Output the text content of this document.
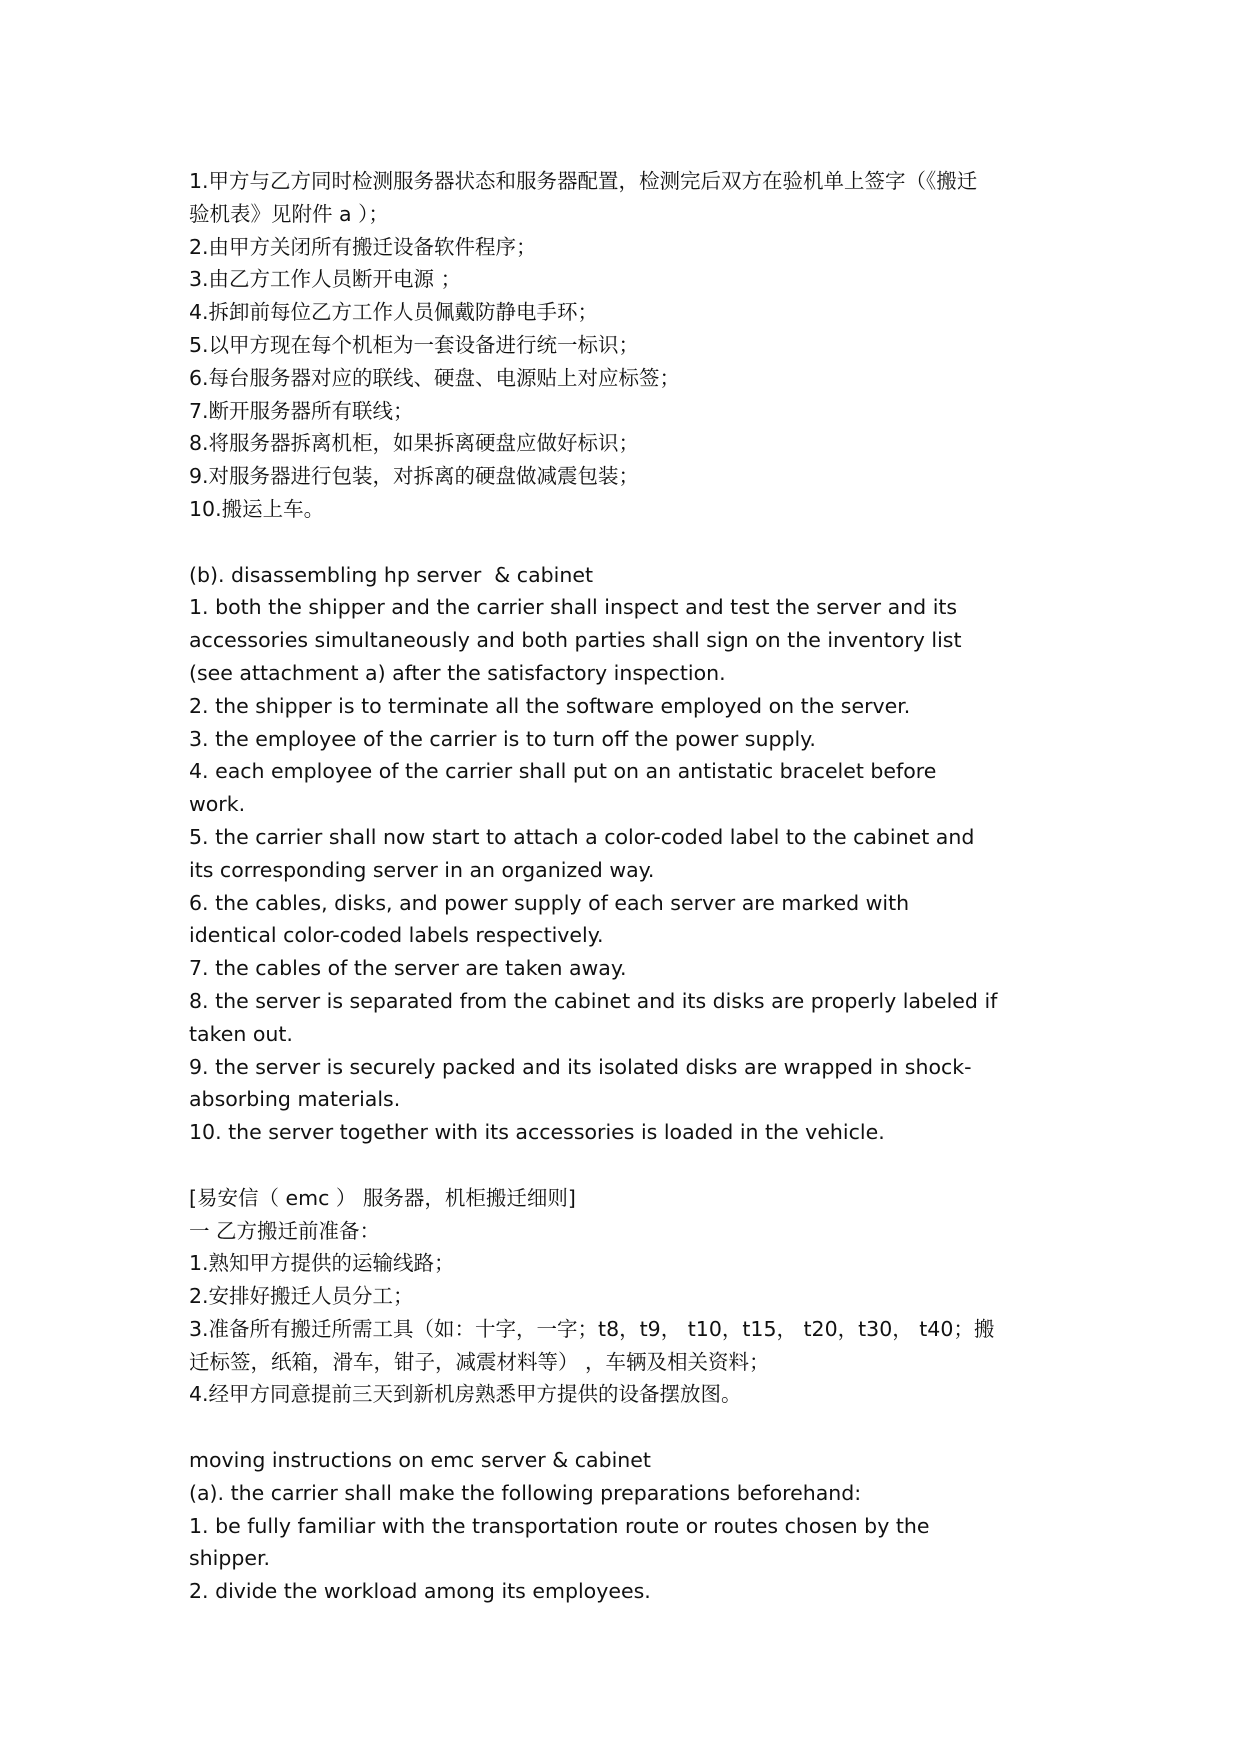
1.甲方与乙方同时检测服务器状态和服务器配置，检测完后双方在验机单上签字（《搬迁
验机表》见附件 a ）；
2.由甲方关闭所有搬迁设备软件程序；
3.由乙方工作人员断开电源 ；
4.拆卸前每位乙方工作人员佩戴防静电手环；
5.以甲方现在每个机柜为一套设备进行统一标识；
6.每台服务器对应的联线、硬盘、电源贴上对应标签；
7.断开服务器所有联线；
8.将服务器拆离机柜，如果拆离硬盘应做好标识；
9.对服务器进行包装，对拆离的硬盘做减震包装；
10.搬运上车。
(b). disassembling hp server  & cabinet
1. both the shipper and the carrier shall inspect and test the server and its
accessories simultaneously and both parties shall sign on the inventory list
(see attachment a) after the satisfactory inspection.
2. the shipper is to terminate all the software employed on the server.
3. the employee of the carrier is to turn off the power supply.
4. each employee of the carrier shall put on an antistatic bracelet before
work.
5. the carrier shall now start to attach a color-coded label to the cabinet and
its corresponding server in an organized way.
6. the cables, disks, and power supply of each server are marked with
identical color-coded labels respectively.
7. the cables of the server are taken away.
8. the server is separated from the cabinet and its disks are properly labeled if
taken out.
9. the server is securely packed and its isolated disks are wrapped in shock-
absorbing materials.
10. the server together with its accessories is loaded in the vehicle.
[易安信（ emc ） 服务器，机柜搬迁细则]
一 乙方搬迁前准备：
1.熟知甲方提供的运输线路；
2.安排好搬迁人员分工；
3.准备所有搬迁所需工具（如：十字，一字；t8，t9， t10，t15， t20，t30， t40；搬
迁标签，纸箱，滑车，钳子，减震材料等） ，车辆及相关资料；
4.经甲方同意提前三天到新机房熟悉甲方提供的设备摆放图。
moving instructions on emc server & cabinet
(a). the carrier shall make the following preparations beforehand:
1. be fully familiar with the transportation route or routes chosen by the
shipper.
2. divide the workload among its employees.
